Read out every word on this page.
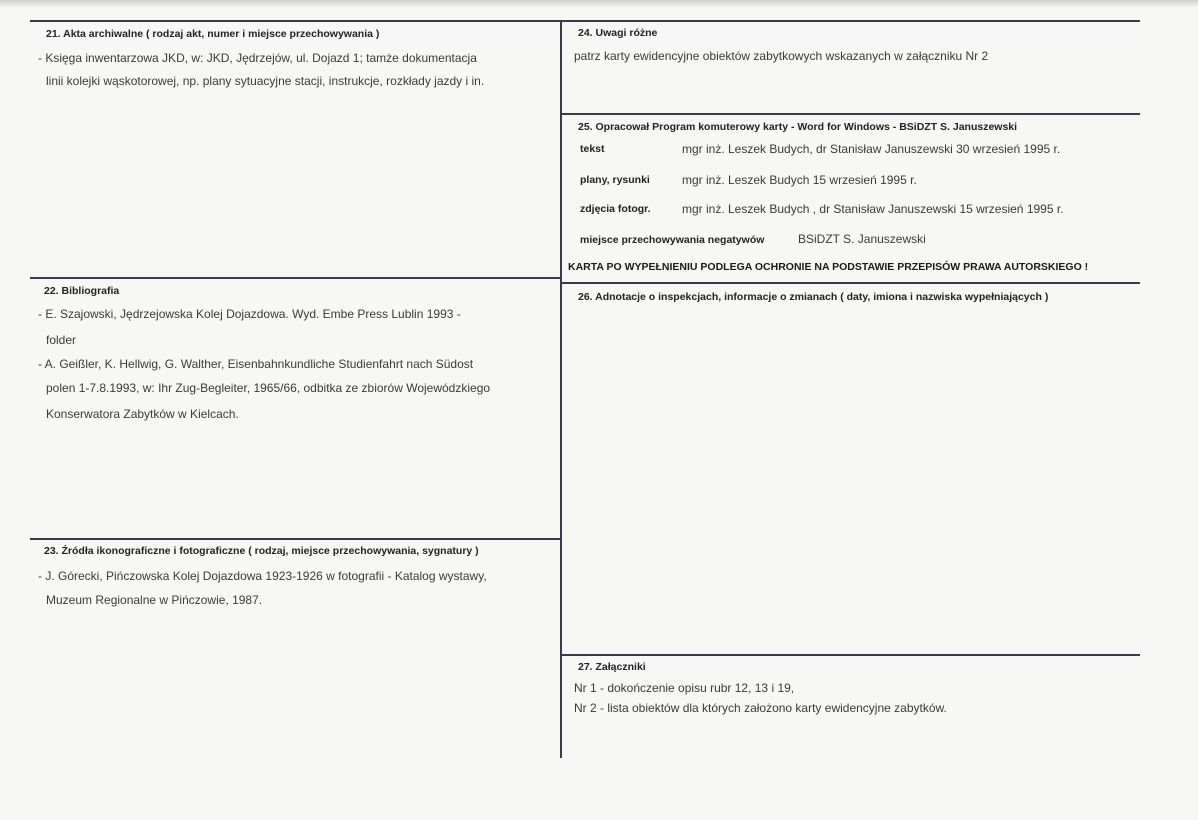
21. Akta archiwalne ( rodzaj akt, numer i miejsce przechowywania )
- Księga inwentarzowa JKD, w: JKD, Jędrzejów, ul. Dojazd 1; tamże dokumentacja
linii kolejki wąskotorowej, np. plany sytuacyjne stacji, instrukcje, rozkłady jazdy i in.
24. Uwagi różne
patrz karty ewidencyjne obiektów zabytkowych wskazanych w załączniku Nr 2
25. Opracował Program komuterowy karty - Word for Windows - BSiDZT S. Januszewski
tekst	mgr inż. Leszek Budych, dr Stanisław Januszewski 30 wrzesień 1995 r.
plany, rysunki	mgr inż. Leszek Budych 15 wrzesień 1995 r.
zdjęcia fotogr.	mgr inż. Leszek Budych , dr Stanisław Januszewski 15 wrzesień 1995 r.
miejsce przechowywania negatywów	BSiDZT S. Januszewski
KARTA PO WYPEŁNIENIU PODLEGA OCHRONIE NA PODSTAWIE PRZEPISÓW PRAWA AUTORSKIEGO !
22. Bibliografia
- E. Szajowski, Jędrzejowska Kolej Dojazdowa. Wyd. Embe Press Lublin 1993 -
folder
- A. Geißler, K. Hellwig, G. Walther, Eisenbahnkundliche Studienfahrt nach Südost
polen 1-7.8.1993, w: Ihr Zug-Begleiter, 1965/66, odbitka ze zbiorów Wojewódzkiego
Konserwatora Zabytków w Kielcach.
26. Adnotacje o inspekcjach, informacje o zmianach ( daty, imiona i nazwiska wypełniających )
23. Źródła ikonograficzne i fotograficzne ( rodzaj, miejsce przechowywania, sygnatury )
- J. Górecki, Pińczowska Kolej Dojazdowa 1923-1926 w fotografii - Katalog wystawy,
Muzeum Regionalne w Pińczowie, 1987.
27. Załączniki
Nr 1 - dokończenie opisu rubr 12, 13 i 19,
Nr 2 - lista obiektów dla których założono karty ewidencyjne zabytków.
